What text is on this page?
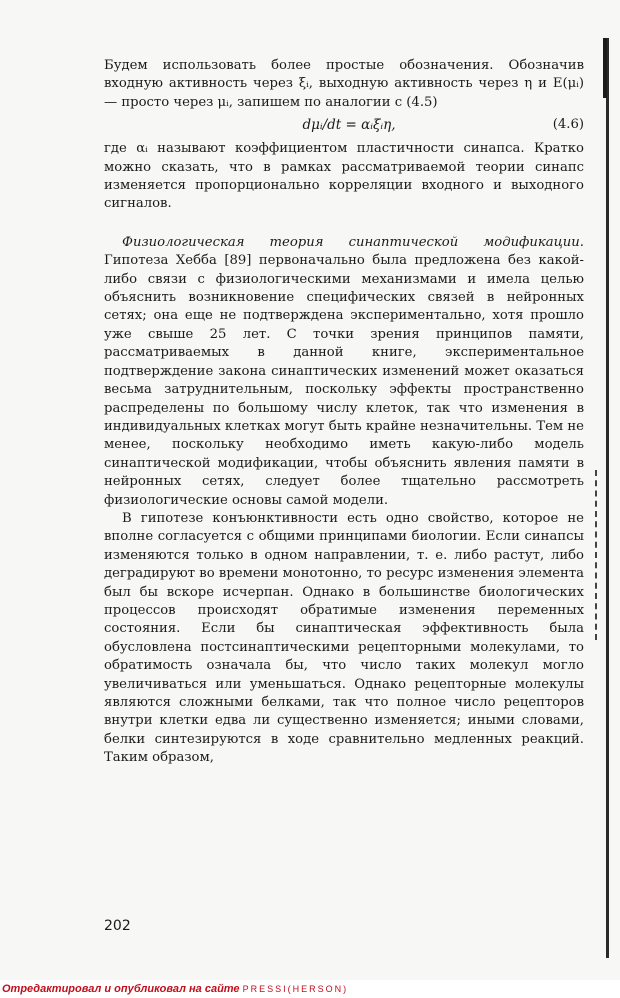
Будем использовать более простые обозначения. Обозначив входную активность через ξᵢ, выходную активность через η и E(μᵢ) — просто через μᵢ, запишем по аналогии с (4.5)

dμᵢ/dt = αᵢξᵢη,	(4.6)

где αᵢ называют коэффициентом пластичности синапса. Кратко можно сказать, что в рамках рассматриваемой теории синапс изменяется пропорционально корреляции входного и выходного сигналов.

Физиологическая теория синаптической модификации. Гипотеза Хебба [89] первоначально была предложена без какой-либо связи с физиологическими механизмами и имела целью объяснить возникновение специфических связей в нейронных сетях; она еще не подтверждена экспериментально, хотя прошло уже свыше 25 лет. С точки зрения принципов памяти, рассматриваемых в данной книге, экспериментальное подтверждение закона синаптических изменений может оказаться весьма затруднительным, поскольку эффекты пространственно распределены по большому числу клеток, так что изменения в индивидуальных клетках могут быть крайне незначительны. Тем не менее, поскольку необходимо иметь какую-либо модель синаптической модификации, чтобы объяснить явления памяти в нейронных сетях, следует более тщательно рассмотреть физиологические основы самой модели.

В гипотезе конъюнктивности есть одно свойство, которое не вполне согласуется с общими принципами биологии. Если синапсы изменяются только в одном направлении, т. е. либо растут, либо деградируют во времени монотонно, то ресурс изменения элемента был бы вскоре исчерпан. Однако в большинстве биологических процессов происходят обратимые изменения переменных состояния. Если бы синаптическая эффективность была обусловлена постсинаптическими рецепторными молекулами, то обратимость означала бы, что число таких молекул могло увеличиваться или уменьшаться. Однако рецепторные молекулы являются сложными белками, так что полное число рецепторов внутри клетки едва ли существенно изменяется; иными словами, белки синтезируются в ходе сравнительно медленных реакций. Таким образом,

202
Отредактировал и опубликовал на сайте PRESSI(HERSON)
